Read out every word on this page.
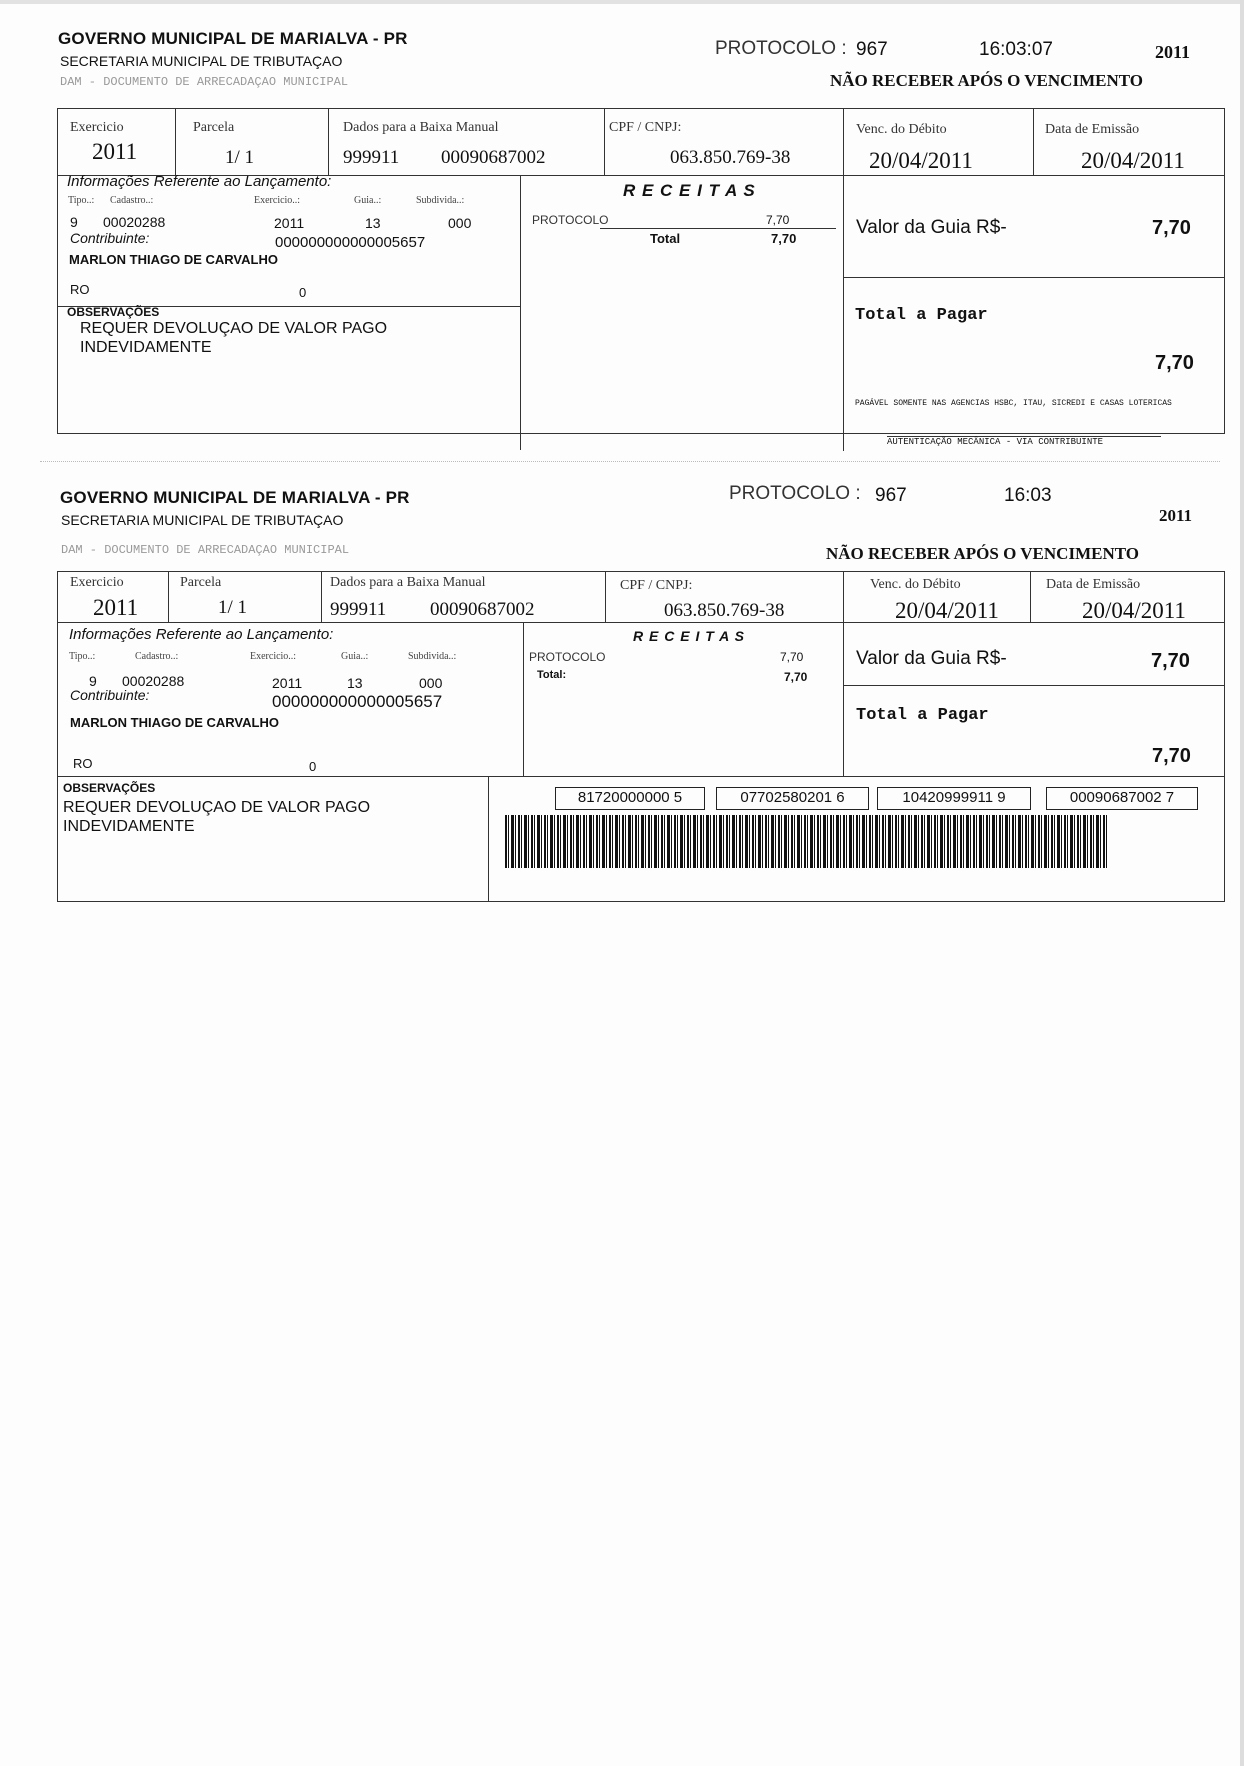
GOVERNO MUNICIPAL DE MARIALVA - PR
SECRETARIA MUNICIPAL DE TRIBUTAÇAO
DAM - DOCUMENTO DE ARRECADAÇAO MUNICIPAL
PROTOCOLO : 967	16:03:07	2011
NÃO RECEBER APÓS O VENCIMENTO
Exercicio
2011
Parcela
1/ 1
Dados para a Baixa Manual
999911 00090687002
CPF / CNPJ:
063.850.769-38
Venc. do Débito
20/04/2011
Data de Emissão
20/04/2011
Informações Referente ao Lançamento:
Tipo..: Cadastro..:	Exercicio..:	Guia..:	Subdivida..:
9 00020288	2011	13	000
Contribuinte:	000000000000005657
MARLON THIAGO DE CARVALHO
RO	0
OBSERVAÇÕES
REQUER DEVOLUÇAO DE VALOR PAGO
INDEVIDAMENTE
R E C E I T A S
PROTOCOLO	7,70
Total	7,70
Valor da Guia R$-	7,70
Total a Pagar
7,70
PAGÁVEL SOMENTE NAS AGENCIAS HSBC, ITAU, SICREDI E CASAS LOTERICAS
AUTENTICAÇÃO MECÂNICA - VIA CONTRIBUINTE
GOVERNO MUNICIPAL DE MARIALVA - PR
SECRETARIA MUNICIPAL DE TRIBUTAÇAO
DAM - DOCUMENTO DE ARRECADAÇAO MUNICIPAL
PROTOCOLO : 967	16:03
2011
NÃO RECEBER APÓS O VENCIMENTO
Exercicio
2011
Parcela
1/ 1
Dados para a Baixa Manual
999911 00090687002
CPF / CNPJ:
063.850.769-38
Venc. do Débito
20/04/2011
Data de Emissão
20/04/2011
Informações Referente ao Lançamento:
Tipo..:	Cadastro..:	Exercicio..:	Guia..:	Subdivida..:
9 00020288	2011	13	000
Contribuinte:	000000000000005657
MARLON THIAGO DE CARVALHO
RO	0
R E C E I T A S
PROTOCOLO	7,70
Total:	7,70
Valor da Guia R$-	7,70
Total a Pagar
7,70
OBSERVAÇÕES
REQUER DEVOLUÇAO DE VALOR PAGO
INDEVIDAMENTE
81720000000 5	07702580201 6	10420999911 9	00090687002 7
